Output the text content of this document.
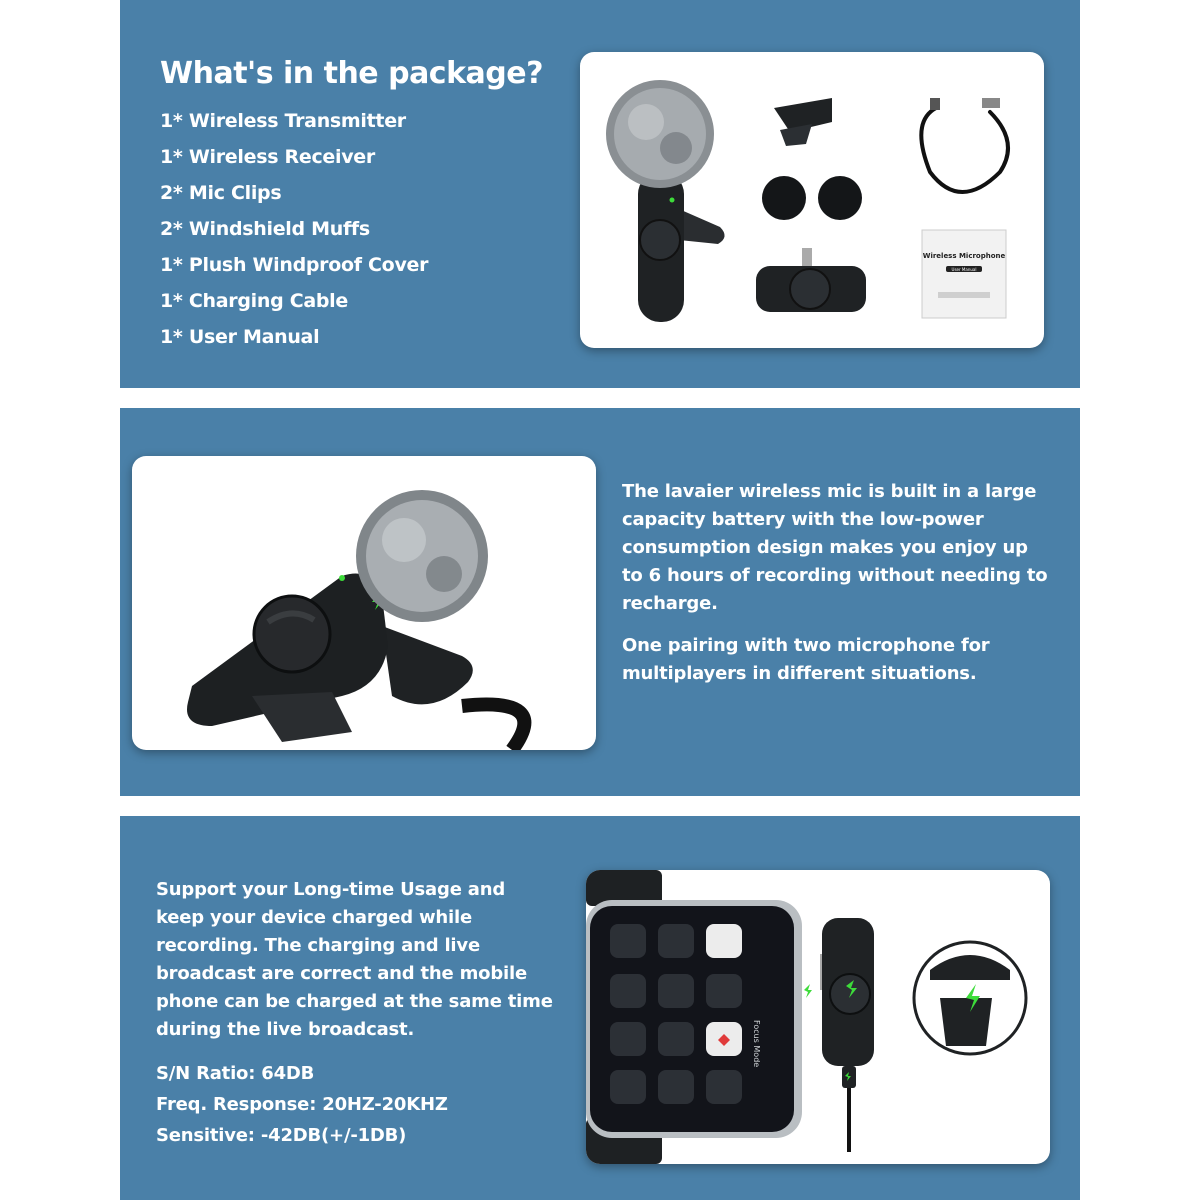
What's in the package?
1* Wireless Transmitter
1* Wireless Receiver
2* Mic Clips
2* Windshield Muffs
1* Plush Windproof Cover
1* Charging Cable
1* User Manual
Wireless Microphone
User Manual

The lavaier wireless mic is built in a large capacity battery with the low-power consumption design makes you enjoy up to 6 hours of recording without needing to recharge.

One pairing with two microphone for multiplayers in different situations.

Support your Long-time Usage and keep your device charged while recording. The charging and live broadcast are correct and the mobile phone can be charged at the same time during the live broadcast.

S/N Ratio: 64DB
Freq. Response: 20HZ-20KHZ
Sensitive: -42DB(+/-1DB)
Focus Mode
